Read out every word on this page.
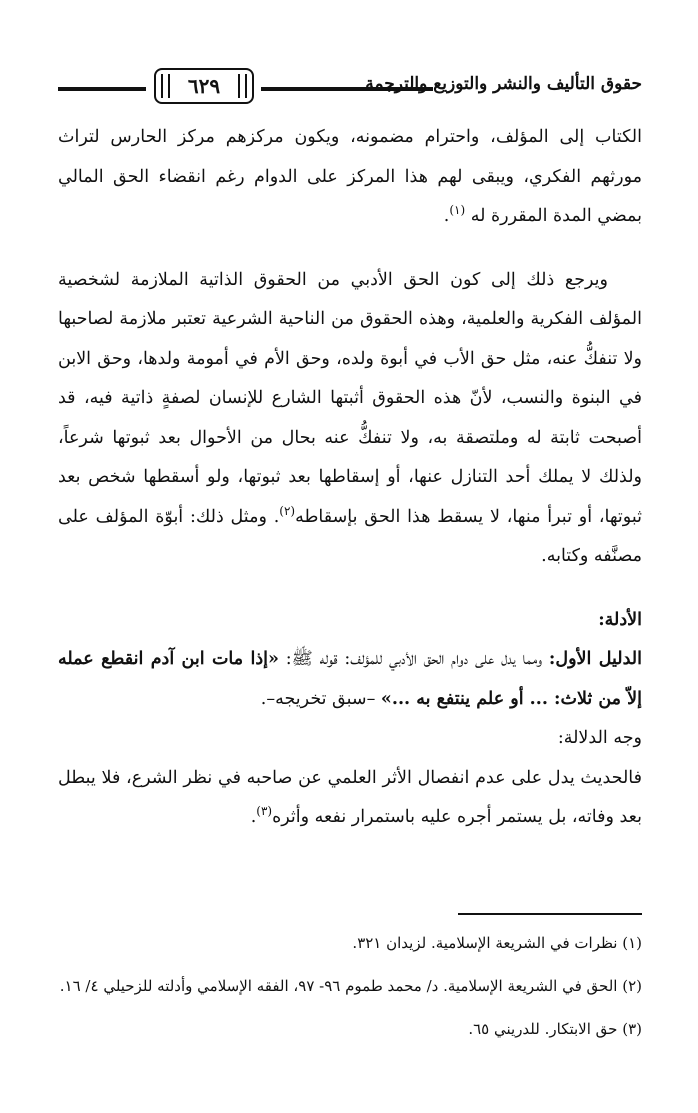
٦٢٩	حقوق التأليف والنشر والتوزيع والترجمة

الكتاب إلى المؤلف، واحترام مضمونه، ويكون مركزهم مركز الحارس لتراث مورثهم الفكري، ويبقى لهم هذا المركز على الدوام رغم انقضاء الحق المالي بمضي المدة المقررة له $^{(١)}$.

ويرجع ذلك إلى كون الحق الأدبي من الحقوق الذاتية الملازمة لشخصية المؤلف الفكرية والعلمية، وهذه الحقوق من الناحية الشرعية تعتبر ملازمة لصاحبها ولا تنفكُّ عنه، مثل حق الأب في أبوة ولده، وحق الأم في أمومة ولدها، وحق الابن في البنوة والنسب، لأنّ هذه الحقوق أثبتها الشارع للإنسان لصفةٍ ذاتية فيه، قد أصبحت ثابتة له وملتصقة به، ولا تنفكُّ عنه بحال من الأحوال بعد ثبوتها شرعاً، ولذلك لا يملك أحد التنازل عنها، أو إسقاطها بعد ثبوتها، ولو أسقطها شخص بعد ثبوتها، أو تبرأ منها، لا يسقط هذا الحق بإسقاطه$^{(٢)}$. ومثل ذلك: أبوّة المؤلف على مصنَّفه وكتابه.

الأدلة:

الدليل الأول: ومما يدل على دوام الحق الأدبي للمؤلف: قوله ﷺ: «إذا مات ابن آدم انقطع عمله إلاّ من ثلاث: ... أو علم ينتفع به ...» –سبق تخريجه–.

وجه الدلالة:

فالحديث يدل على عدم انفصال الأثر العلمي عن صاحبه في نظر الشرع، فلا يبطل بعد وفاته، بل يستمر أجره عليه باستمرار نفعه وأثره$^{(٣)}$.

(١) نظرات في الشريعة الإسلامية. لزيدان ٣٢١.

(٢) الحق في الشريعة الإسلامية. د/ محمد طموم ٩٦- ٩٧، الفقه الإسلامي وأدلته للزحيلي ٤/ ١٦.

(٣) حق الابتكار. للدريني ٦٥.
